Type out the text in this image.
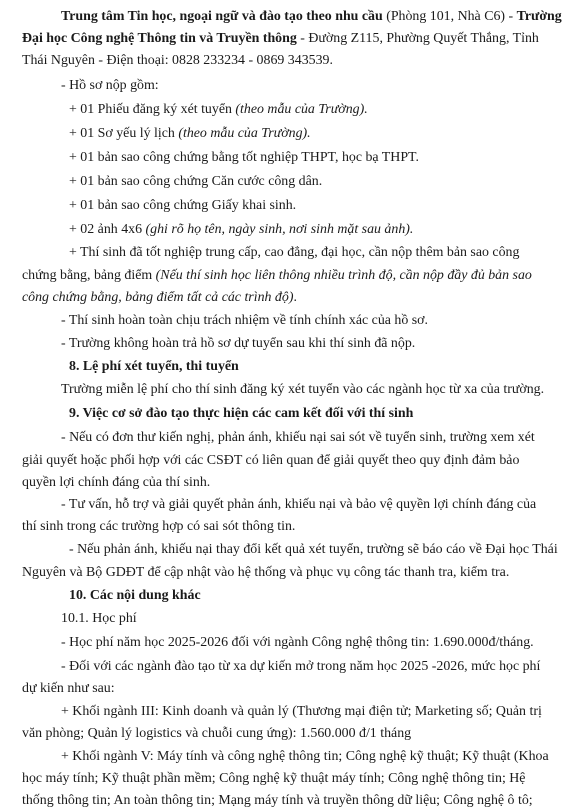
Trung tâm Tin học, ngoại ngữ và đào tạo theo nhu cầu (Phòng 101, Nhà C6) - Trường
Đại học Công nghệ Thông tin và Truyền thông - Đường Z115, Phường Quyết Thắng, Tỉnh
Thái Nguyên - Điện thoại: 0828 233234 - 0869 343539.
- Hồ sơ nộp gồm:
+ 01 Phiếu đăng ký xét tuyển (theo mẫu của Trường).
+ 01 Sơ yếu lý lịch (theo mẫu của Trường).
+ 01 bản sao công chứng bằng tốt nghiệp THPT, học bạ THPT.
+ 01 bản sao công chứng Căn cước công dân.
+ 01 bản sao công chứng Giấy khai sinh.
+ 02 ảnh 4x6 (ghi rõ họ tên, ngày sinh, nơi sinh mặt sau ảnh).
+ Thí sinh đã tốt nghiệp trung cấp, cao đẳng, đại học, cần nộp thêm bản sao công
chứng bằng, bảng điểm (Nếu thí sinh học liên thông nhiều trình độ, cần nộp đầy đủ bản sao
công chứng bằng, bảng điểm tất cả các trình độ).
- Thí sinh hoàn toàn chịu trách nhiệm về tính chính xác của hồ sơ.
- Trường không hoàn trả hồ sơ dự tuyển sau khi thí sinh đã nộp.
8. Lệ phí xét tuyển, thi tuyển
Trường miễn lệ phí cho thí sinh đăng ký xét tuyển vào các ngành học từ xa của trường.
9. Việc cơ sở đào tạo thực hiện các cam kết đối với thí sinh
- Nếu có đơn thư kiến nghị, phản ánh, khiếu nại sai sót về tuyển sinh, trường xem xét
giải quyết hoặc phối hợp với các CSĐT có liên quan để giải quyết theo quy định đảm bảo
quyền lợi chính đáng của thí sinh.
- Tư vấn, hỗ trợ và giải quyết phản ánh, khiếu nại và bảo vệ quyền lợi chính đáng của
thí sinh trong các trường hợp có sai sót thông tin.
- Nếu phản ánh, khiếu nại thay đổi kết quả xét tuyển, trường sẽ báo cáo về Đại học Thái
Nguyên và Bộ GDĐT để cập nhật vào hệ thống và phục vụ công tác thanh tra, kiểm tra.
10. Các nội dung khác
10.1. Học phí
- Học phí năm học 2025-2026 đối với ngành Công nghệ thông tin: 1.690.000đ/tháng.
- Đối với các ngành đào tạo từ xa dự kiến mở trong năm học 2025 -2026, mức học phí
dự kiến như sau:
+ Khối ngành III: Kinh doanh và quản lý (Thương mại điện tử; Marketing số; Quản trị
văn phòng; Quản lý logistics và chuỗi cung ứng): 1.560.000 đ/1 tháng
+ Khối ngành V: Máy tính và công nghệ thông tin; Công nghệ kỹ thuật; Kỹ thuật (Khoa
học máy tính; Kỹ thuật phần mềm; Công nghệ kỹ thuật máy tính; Công nghệ thông tin; Hệ
thống thông tin; An toàn thông tin; Mạng máy tính và truyền thông dữ liệu; Công nghệ ô tô;
